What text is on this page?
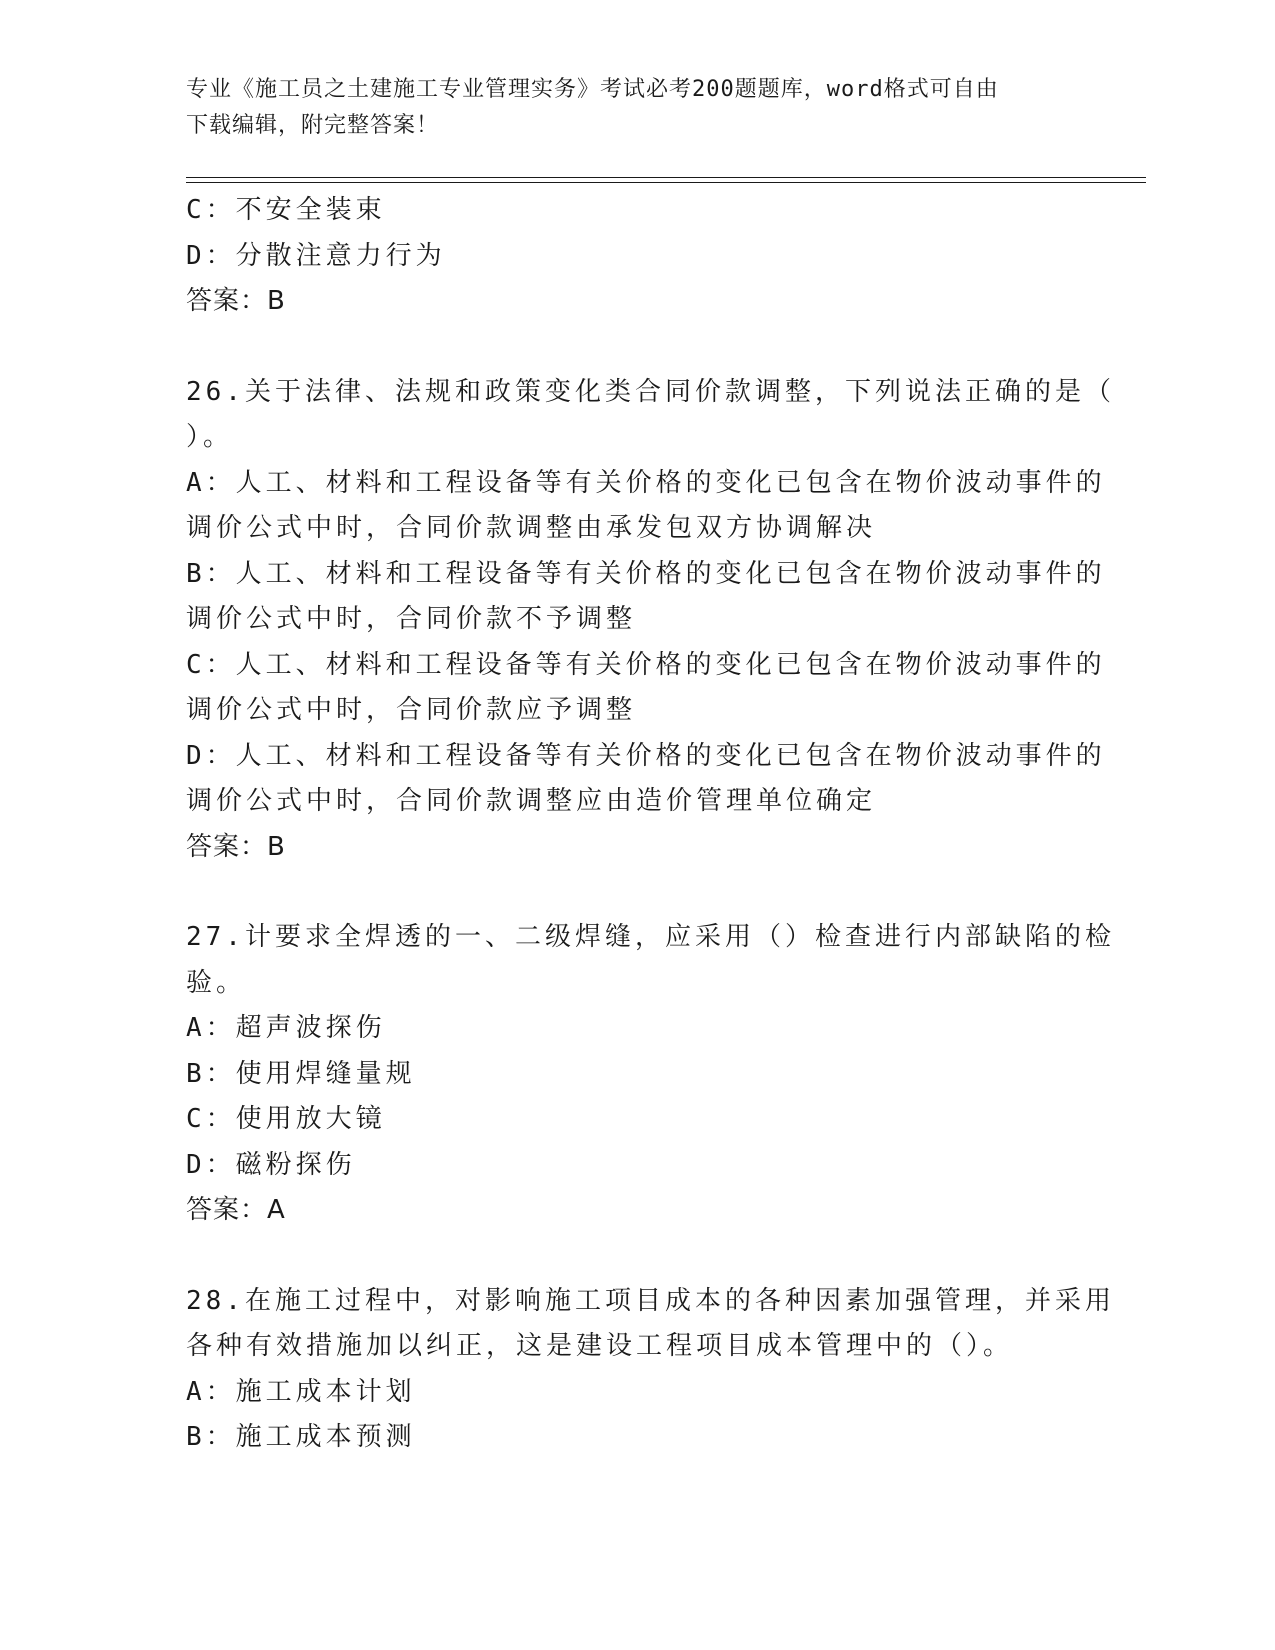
专业《施工员之土建施工专业管理实务》考试必考200题题库，word格式可自由
下载编辑，附完整答案！
C：不安全装束
D：分散注意力行为
答案：B
26.关于法律、法规和政策变化类合同价款调整，下列说法正确的是（
）。
A：人工、材料和工程设备等有关价格的变化已包含在物价波动事件的
调价公式中时，合同价款调整由承发包双方协调解决
B：人工、材料和工程设备等有关价格的变化已包含在物价波动事件的
调价公式中时，合同价款不予调整
C：人工、材料和工程设备等有关价格的变化已包含在物价波动事件的
调价公式中时，合同价款应予调整
D：人工、材料和工程设备等有关价格的变化已包含在物价波动事件的
调价公式中时，合同价款调整应由造价管理单位确定
答案：B
27.计要求全焊透的一、二级焊缝，应采用（）检查进行内部缺陷的检
验。
A：超声波探伤
B：使用焊缝量规
C：使用放大镜
D：磁粉探伤
答案：A
28.在施工过程中，对影响施工项目成本的各种因素加强管理，并采用
各种有效措施加以纠正，这是建设工程项目成本管理中的（）。
A：施工成本计划
B：施工成本预测
